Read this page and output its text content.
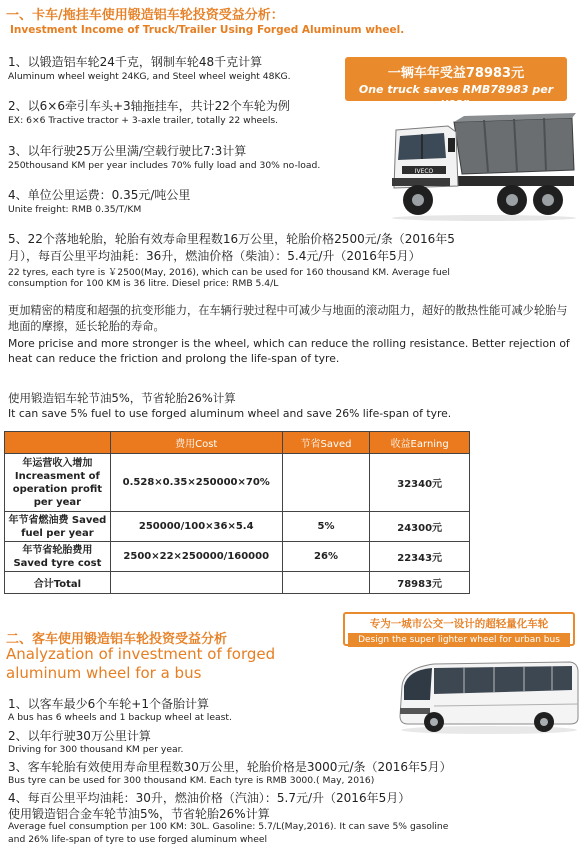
一、卡车/拖挂车使用锻造铝车轮投资受益分析：
Investment Income of Truck/Trailer Using Forged Aluminum wheel.
1、以锻造铝车轮24千克，钢制车轮48千克计算
Aluminum wheel weight 24KG, and Steel wheel weight 48KG.
2、以6×6牵引车头+3轴拖挂车，共计22个车轮为例
EX: 6×6 Tractive tractor + 3-axle trailer, totally 22 wheels.
3、以年行驶25万公里满/空载行驶比7:3计算
250thousand KM per year includes 70% fully load and 30% no-load.
4、单位公里运费：0.35元/吨公里
Unite freight: RMB 0.35/T/KM
5、22个落地轮胎，轮胎有效寿命里程数16万公里，轮胎价格2500元/条（2016年5
月），每百公里平均油耗：36升，燃油价格（柴油）：5.4元/升（2016年5月）
22 tyres, each tyre is ￥2500(May, 2016), which can be used for 160 thousand KM. Average fuel
consumption for 100 KM is 36 litre. Diesel price: RMB 5.4/L
更加精密的精度和超强的抗变形能力，在车辆行驶过程中可减少与地面的滚动阻力，超好的散热性能可减少轮胎与地面的摩擦，延长轮胎的寿命。
More pricise and more stronger is the wheel, which can reduce the rolling resistance. Better rejection of heat can reduce the friction and prolong the life-span of tyre.
使用锻造铝车轮节油5%，节省轮胎26%计算
It can save 5% fuel to use forged aluminum wheel and save 26% life-span of tyre.
一辆车年受益78983元
One truck saves RMB78983 per year.
IVECO
	费用Cost	节省Saved	收益Earning

年运营收入增加
Increasment of operation profit per year	0.528×0.35×250000×70%		32340元

年节省燃油费 Saved
fuel per year	250000/100×36×5.4	5%	24300元

年节省轮胎费用
Saved tyre cost	2500×22×250000/160000	26%	22343元
合计Total			78983元
二、客车使用锻造铝车轮投资受益分析
Analyzation of investment of forged
aluminum wheel for a bus
专为一城市公交一设计的超轻量化车轮
Design the super lighter wheel for urban bus
1、以客车最少6个车轮+1个备胎计算
A bus has 6 wheels and 1 backup wheel at least.
2、以年行驶30万公里计算
Driving for 300 thousand KM per year.
3、客车轮胎有效使用寿命里程数30万公里，轮胎价格是3000元/条（2016年5月）
Bus tyre can be used for 300 thousand KM. Each tyre is RMB 3000.( May, 2016)
4、每百公里平均油耗：30升，燃油价格（汽油）：5.7元/升（2016年5月）
使用锻造铝合金车轮节油5%，节省轮胎26%计算
Average fuel consumption per 100 KM: 30L. Gasoline: 5.7/L(May,2016). It can save 5% gasoline
and 26% life-span of tyre to use forged aluminum wheel
